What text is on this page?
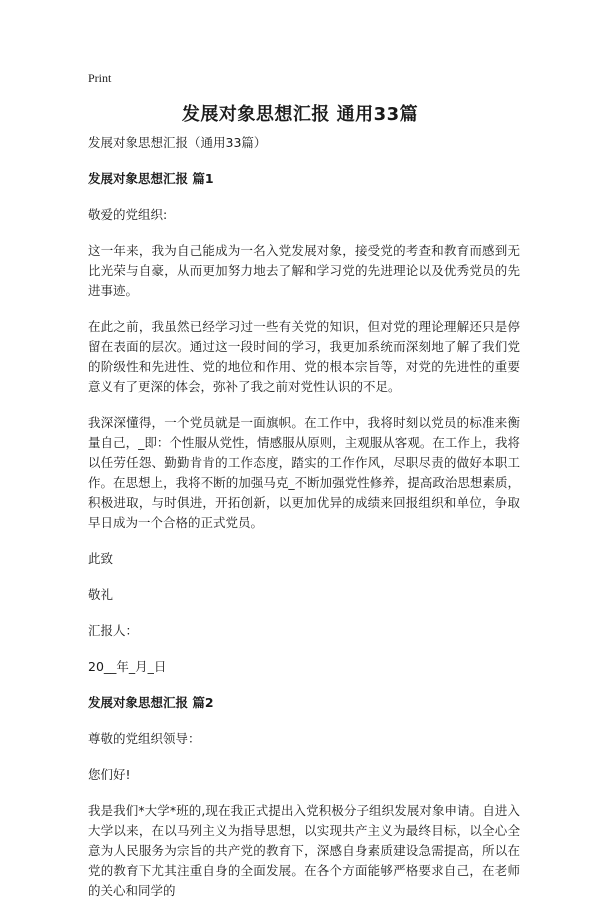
Print
发展对象思想汇报 通用33篇

发展对象思想汇报（通用33篇）

发展对象思想汇报 篇1

敬爱的党组织:

这一年来，我为自己能成为一名入党发展对象，接受党的考查和教育而感到无比光荣与自豪，从而更加努力地去了解和学习党的先进理论以及优秀党员的先进事迹。

在此之前，我虽然已经学习过一些有关党的知识，但对党的理论理解还只是停留在表面的层次。通过这一段时间的学习，我更加系统而深刻地了解了我们党的阶级性和先进性、党的地位和作用、党的根本宗旨等，对党的先进性的重要意义有了更深的体会，弥补了我之前对党性认识的不足。

我深深懂得，一个党员就是一面旗帜。在工作中，我将时刻以党员的标准来衡量自己，_即：个性服从党性，情感服从原则，主观服从客观。在工作上，我将以任劳任怨、勤勤肯肯的工作态度，踏实的工作作风，尽职尽责的做好本职工作。在思想上，我将不断的加强马克_不断加强党性修养，提高政治思想素质，积极进取，与时俱进，开拓创新，以更加优异的成绩来回报组织和单位，争取早日成为一个合格的正式党员。

此致

敬礼

汇报人：

20__年_月_日

发展对象思想汇报 篇2

尊敬的党组织领导：

您们好!

我是我们*大学*班的,现在我正式提出入党积极分子组织发展对象申请。自进入大学以来，在以马列主义为指导思想，以实现共产主义为最终目标，以全心全意为人民服务为宗旨的共产党的教育下，深感自身素质建设急需提高，所以在党的教育下尤其注重自身的全面发展。在各个方面能够严格要求自己，在老师的关心和同学的
